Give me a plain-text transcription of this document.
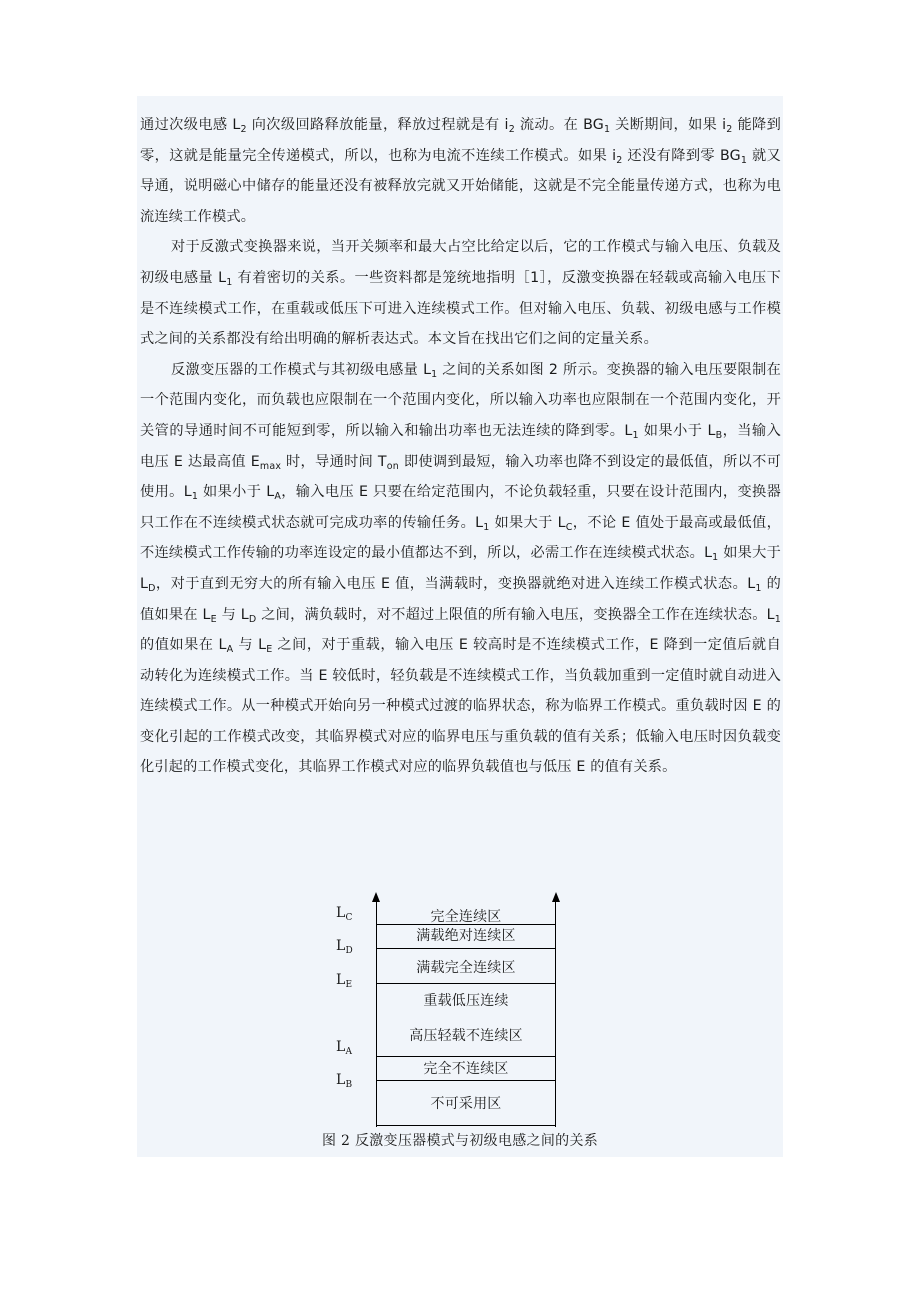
通过次级电感 $L_2$ 向次级回路释放能量，释放过程就是有 $i_2$ 流动。在 $BG_1$ 关断期间，如果 $i_2$ 能降到零，这就是能量完全传递模式，所以，也称为电流不连续工作模式。如果 $i_2$ 还没有降到零 $BG_1$ 就又导通，说明磁心中储存的能量还没有被释放完就又开始储能，这就是不完全能量传递方式，也称为电流连续工作模式。

对于反激式变换器来说，当开关频率和最大占空比给定以后，它的工作模式与输入电压、负载及初级电感量 $L_1$ 有着密切的关系。一些资料都是笼统地指明［1］，反激变换器在轻载或高输入电压下是不连续模式工作，在重载或低压下可进入连续模式工作。但对输入电压、负载、初级电感与工作模式之间的关系都没有给出明确的解析表达式。本文旨在找出它们之间的定量关系。

反激变压器的工作模式与其初级电感量 $L_1$ 之间的关系如图 2 所示。变换器的输入电压要限制在一个范围内变化，而负载也应限制在一个范围内变化，所以输入功率也应限制在一个范围内变化，开关管的导通时间不可能短到零，所以输入和输出功率也无法连续的降到零。$L_1$ 如果小于 $L_B$，当输入电压 E 达最高值 $E_{max}$ 时，导通时间 $T_{on}$ 即使调到最短，输入功率也降不到设定的最低值，所以不可使用。$L_1$ 如果小于 $L_A$，输入电压 E 只要在给定范围内，不论负载轻重，只要在设计范围内，变换器只工作在不连续模式状态就可完成功率的传输任务。$L_1$ 如果大于 $L_C$，不论 E 值处于最高或最低值，不连续模式工作传输的功率连设定的最小值都达不到，所以，必需工作在连续模式状态。$L_1$ 如果大于 $L_D$，对于直到无穷大的所有输入电压 E 值，当满载时，变换器就绝对进入连续工作模式状态。$L_1$ 的值如果在 $L_E$ 与 $L_D$ 之间，满负载时，对不超过上限值的所有输入电压，变换器全工作在连续状态。$L_1$ 的值如果在 $L_A$ 与 $L_E$ 之间，对于重载，输入电压 E 较高时是不连续模式工作，E 降到一定值后就自动转化为连续模式工作。当 E 较低时，轻负载是不连续模式工作，当负载加重到一定值时就自动进入连续模式工作。从一种模式开始向另一种模式过渡的临界状态，称为临界工作模式。重负载时因 E 的变化引起的工作模式改变，其临界模式对应的临界电压与重负载的值有关系；低输入电压时因负载变化引起的工作模式变化，其临界工作模式对应的临界负载值也与低压 E 的值有关系。

$L_C$
$L_D$
$L_E$
$L_A$
$L_B$
完全连续区
满载绝对连续区
满载完全连续区
重载低压连续
高压轻载不连续区
完全不连续区
不可采用区
图 2 反激变压器模式与初级电感之间的关系
